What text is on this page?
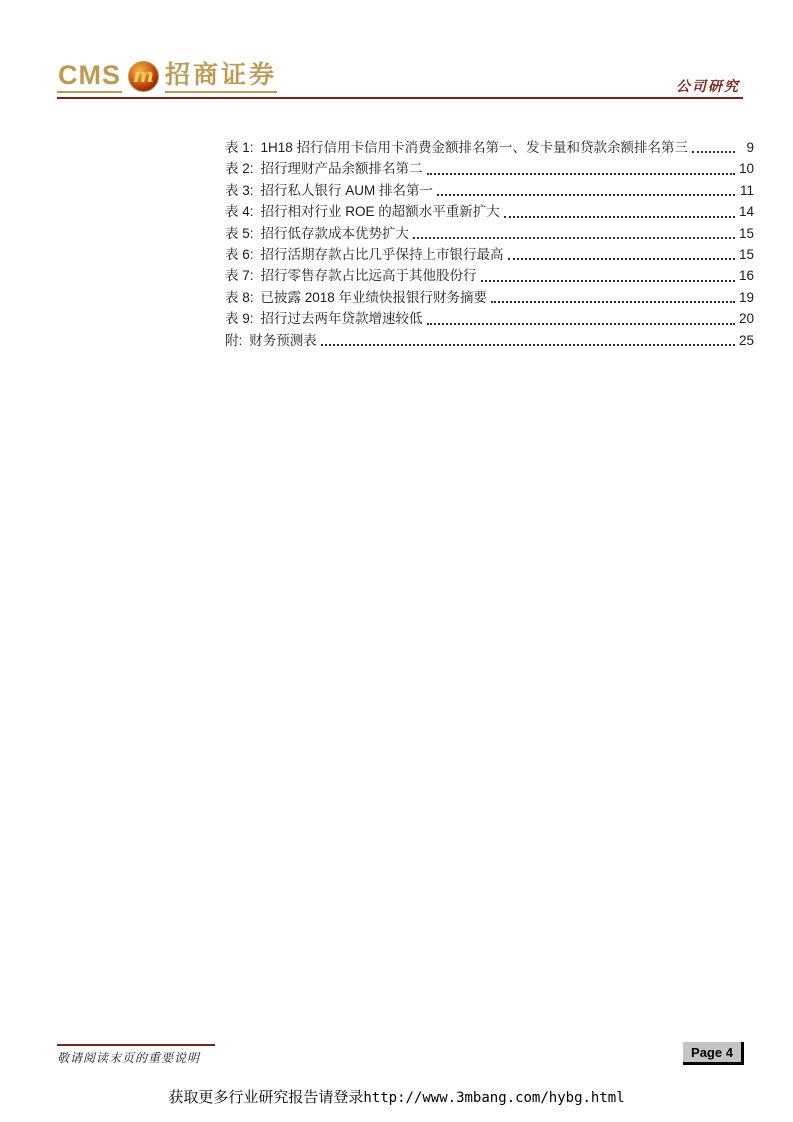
CMS m 招商证券	公司研究
表 1: 1H18 招行信用卡信用卡消费金额排名第一、发卡量和贷款余额排名第三	9
表 2: 招行理财产品余额排名第二	10
表 3: 招行私人银行 AUM 排名第一	11
表 4: 招行相对行业 ROE 的超额水平重新扩大	14
表 5: 招行低存款成本优势扩大	15
表 6: 招行活期存款占比几乎保持上市银行最高	15
表 7: 招行零售存款占比远高于其他股份行	16
表 8: 已披露 2018 年业绩快报银行财务摘要	19
表 9: 招行过去两年贷款增速较低	20
附: 财务预测表	25
敬请阅读末页的重要说明	Page 4
获取更多行业研究报告请登录http://www.3mbang.com/hybg.html
